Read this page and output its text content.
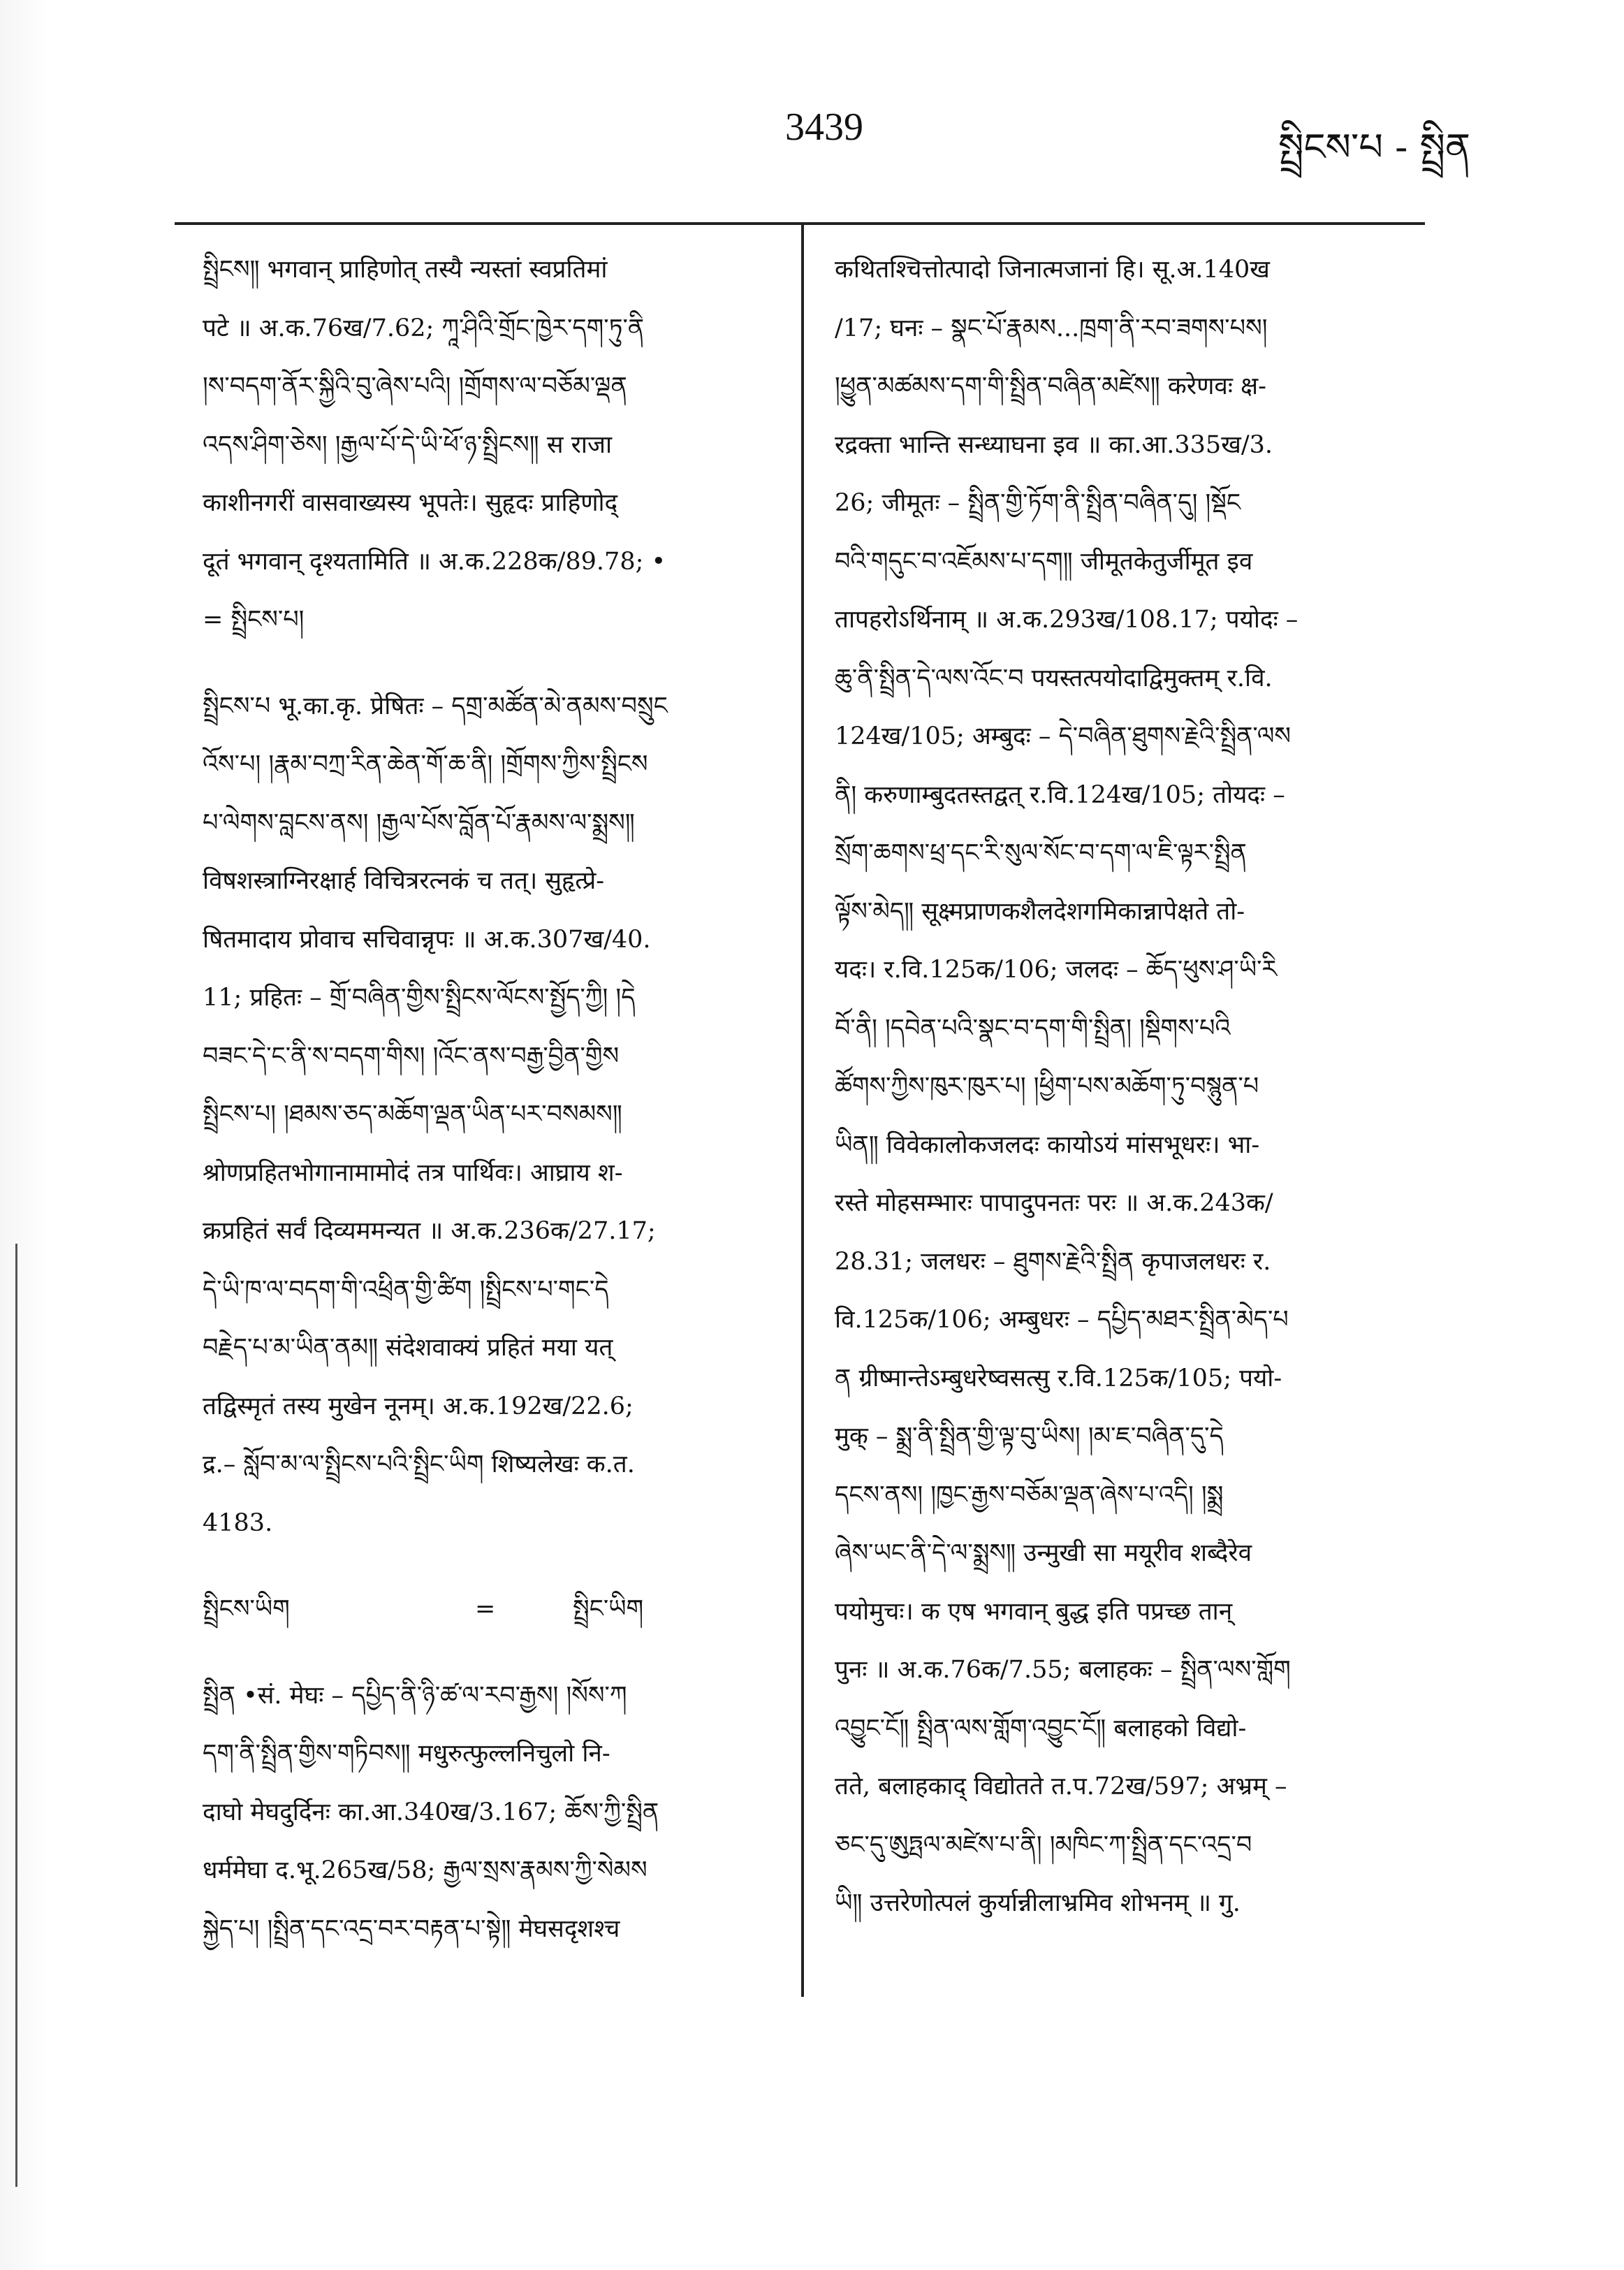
3439	སྤྲིངས་པ - སྤྲིན
སྤྲིངས༎ भगवान् प्राहिणोत् तस्यै न्यस्तां स्वप्रतिमां
पटे ॥ अ.क.76ख/7.62; ཀཱ་ཤིའི་གྲོང་ཁྱེར་དག་ཏུ་ནི
།ས་བདག་ནོར་སྐྱིའི་བུ་ཞེས་པའི། །གྲོགས་ལ་བཅོམ་ལྡན
འདས་ཤིག་ཅེས། །རྒྱལ་པོ་དེ་ཡི་ཕོ་ཉ་སྤྲིངས༎ स राजा
काशीनगरीं वासवाख्यस्य भूपतेः। सुहृदः प्राहिणोद्
दूतं भगवान् दृश्यतामिति ॥ अ.क.228क/89.78; •
= སྤྲིངས་པ།
སྤྲིངས་པ भू.का.कृ. प्रेषितः – དགྲ་མཚོན་མེ་ནམས་བསྲུང
འོས་པ། །རྣམ་བཀྲ་རིན་ཆེན་གོ་ཆ་ནི། །གྲོགས་ཀྱིས་སྤྲིངས
པ་ལེགས་བླངས་ནས། །རྒྱལ་པོས་བློན་པོ་རྣམས་ལ་སྨྲས༎
विषशस्त्राग्निरक्षार्ह विचित्ररत्नकं च तत्। सुहृत्प्रे-
षितमादाय प्रोवाच सचिवान्नृपः ॥ अ.क.307ख/40.
11; प्रहितः – གྲོ་བཞིན་གྱིས་སྤྲིངས་ལོངས་སྤྱོད་ཀྱི། །དེ
བཟང་དེ་ང་ནི་ས་བདག་གིས། །འོང་ནས་བརྒྱ་བྱིན་གྱིས
སྤྲིངས་པ། །ཐམས་ཅད་མཆོག་ལྡན་ཡིན་པར་བསམས༎
श्रोणप्रहितभोगानामामोदं तत्र पार्थिवः। आघ्राय श-
क्रप्रहितं सर्वं दिव्यममन्यत ॥ अ.क.236क/27.17;
དེ་ཡི་ཁ་ལ་བདག་གི་འཕྲིན་གྱི་ཚིག །སྤྲིངས་པ་གང་དེ
བརྗེད་པ་མ་ཡིན་ནམ༎ संदेशवाक्यं प्रहितं मया यत्
तद्विस्मृतं तस्य मुखेन नूनम्। अ.क.192ख/22.6;
द्र.– སློབ་མ་ལ་སྤྲིངས་པའི་སྤྲིང་ཡིག शिष्यलेखः क.त.
4183.
སྤྲིངས་ཡིག	=	སྤྲིང་ཡིག
སྤྲིན •सं. मेघः – དཔྱིད་ནི་ཉི་ཚ་ལ་རབ་རྒྱས། །སོས་ཀ
དག་ནི་སྤྲིན་གྱིས་གཏིབས༎ मधुरुत्फुल्लनिचुलो नि-
दाघो मेघदुर्दिनः का.आ.340ख/3.167; ཆོས་ཀྱི་སྤྲིན
धर्ममेघा द.भू.265ख/58; རྒྱལ་སྲས་རྣམས་ཀྱི་སེམས
སྐྱེད་པ། །སྤྲིན་དང་འདྲ་བར་བརྟན་པ་སྟེ༎ मेघसदृशश्च
कथितश्चित्तोत्पादो जिनात्मजानां हि। सू.अ.140ख
/17; घनः – སྣང་པོ་རྣམས...ཁྲག་ནི་རབ་ཟགས་པས།
།ཕྱུན་མཚམས་དག་གི་སྤྲིན་བཞིན་མཛེས༎ करेणवः क्ष-
रद्रक्ता भान्ति सन्ध्याघना इव ॥ का.आ.335ख/3.
26; जीमूतः – སྤྲིན་གྱི་ཏོག་ནི་སྤྲིན་བཞིན་དུ། །སྡོང
བའི་གདུང་བ་འཇོམས་པ་དག༎ जीमूतकेतुर्जीमूत इव
तापहरोऽर्थिनाम् ॥ अ.क.293ख/108.17; पयोदः –
ཆུ་ནི་སྤྲིན་དེ་ལས་འོང་བ पयस्तत्पयोदाद्विमुक्तम् र.वि.
124ख/105; अम्बुदः – དེ་བཞིན་ཐུགས་རྗེའི་སྤྲིན་ལས
ནི། करुणाम्बुदतस्तद्वत् र.वि.124ख/105; तोयदः –
སྲོག་ཆགས་ཕྲ་དང་རི་སུལ་སོང་བ་དག་ལ་ཇི་ལྟར་སྤྲིན
ལྟོས་མེད༎ सूक्ष्मप्राणकशैलदेशगमिकान्नापेक्षते तो-
यदः। र.वि.125क/106; जलदः – ཆོད་ཕུས་ཤ་ཡི་རི
བོ་ནི། །དབེན་པའི་སྣང་བ་དག་གི་སྤྲིན། །སྡིགས་པའི
ཚོགས་ཀྱིས་ཁུར་ཁུར་པ། །ཕྱིག་པས་མཆོག་ཏུ་བསྙུན་པ
ཡིན༎ विवेकालोकजलदः कायोऽयं मांसभूधरः। भा-
रस्ते मोहसम्भारः पापादुपनतः परः ॥ अ.क.243क/
28.31; जलधरः – ཐུགས་རྗེའི་སྤྲིན कृपाजलधरः र.
वि.125क/106; अम्बुधरः – དཔྱིད་མཐར་སྤྲིན་མེད་པ
ན ग्रीष्मान्तेऽम्बुधरेष्वसत्सु र.वि.125क/105; पयो-
मुक् – སྨྲ་ནི་སྤྲིན་གྱི་ལྟ་བུ་ཡིས། །མ་ཇ་བཞིན་དུ་དེ
དངས་ནས། །ཁྱང་རྒྱས་བཅོམ་ལྡན་ཞེས་པ་འདི། །སྨྲ
ཞེས་ཡང་ནི་དེ་ལ་སྨྲས༎ उन्मुखी सा मयूरीव शब्दैरेव
पयोमुचः। क एष भगवान् बुद्ध इति पप्रच्छ तान्
पुनः ॥ अ.क.76क/7.55; बलाहकः – སྤྲིན་ལས་གློག
འབྱུང་ངོ༎ སྤྲིན་ལས་གློག་འབྱུང་ངོ༎ बलाहको विद्यो-
तते, बलाहकाद् विद्योतते त.प.72ख/597; अभ्रम् –
ཅང་དུ་ཨུཏྤལ་མཛེས་པ་ནི། །མཁིང་ཀ་སྤྲིན་དང་འདྲ་བ
ཡི༎ उत्तरेणोत्पलं कुर्यान्नीलाभ्रमिव शोभनम् ॥ गु.
